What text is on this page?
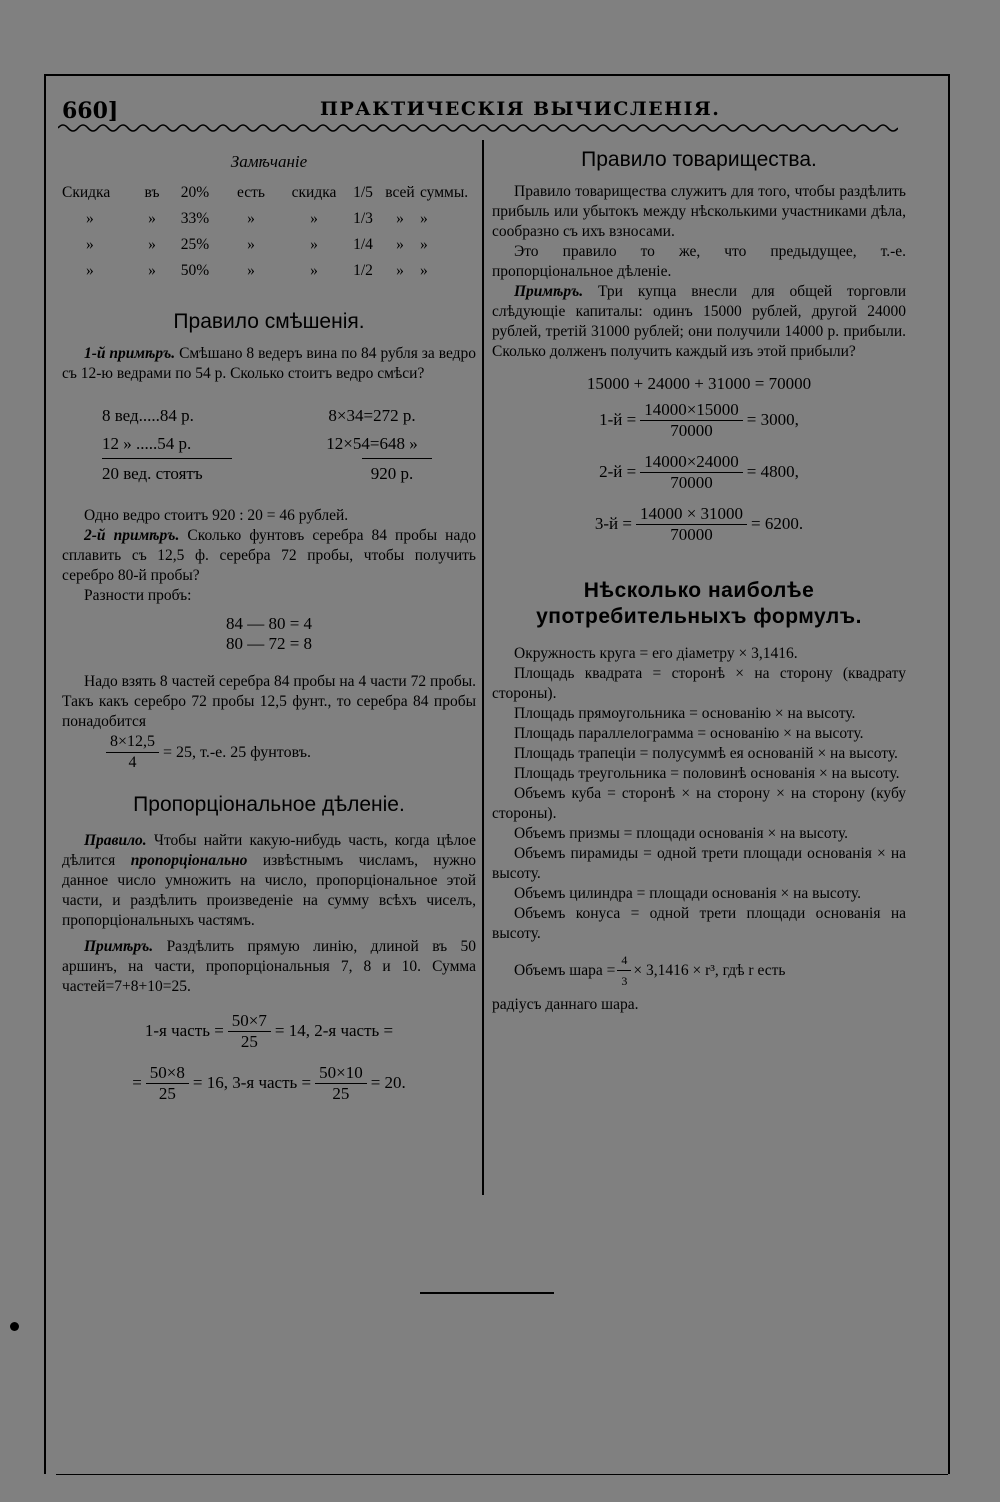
660]	ПРАКТИЧЕСКІЯ ВЫЧИСЛЕНІЯ.

Замѣчаніе

Скидка	въ	20%	есть	скидка	1/5 всей суммы.
»	»	33%	»	»	1/3	»	»
»	»	25%	»	»	1/4	»	»
»	»	50%	»	»	1/2	»	»

Правило смѣшенія.

1-й примѣръ. Смѣшано 8 ведеръ вина по 84 рубля за ведро съ 12-ю ведрами по 54 р. Сколько стоитъ ведро смѣси?

8 вед.....84 р.	8×34=272 р.
12 » .....54 р.	12×54=648 »
20 вед. стоятъ	920 р.

Одно ведро стоитъ 920 : 20 = 46 рублей.

2-й примѣръ. Сколько фунтовъ серебра 84 пробы надо сплавить съ 12,5 ф. серебра 72 пробы, чтобы получить серебро 80-й пробы?

Разности пробъ:

84 — 80 = 4

80 — 72 = 8

Надо взять 8 частей серебра 84 пробы на 4 части 72 пробы. Такъ какъ серебро 72 пробы 12,5 фунт., то серебра 84 пробы понадобится

$\frac{8\times 12,5}{4} = 25$, т.-е. 25 фунтовъ.

Пропорціональное дѣленіе.

Правило. Чтобы найти какую-нибудь часть, когда цѣлое дѣлится пропорціонально извѣстнымъ числамъ, нужно данное число умножить на число, пропорціональное этой части, и раздѣлить произведеніе на сумму всѣхъ чиселъ, пропорціональныхъ частямъ.

Примѣръ. Раздѣлить прямую линію, длиной въ 50 аршинъ, на части, пропорціональныя 7, 8 и 10. Сумма частей=7+8+10=25.

1-я часть = $\frac{50\times 7}{25} = 14$, 2-я часть =
= $\frac{50\times 8}{25} = 16$, 3-я часть = $\frac{50\times 10}{25} = 20$.

Правило товарищества.

Правило товарищества служитъ для того, чтобы раздѣлить прибыль или убытокъ между нѣсколькими участниками дѣла, сообразно съ ихъ взносами.

Это правило то же, что предыдущее, т.-е. пропорціональное дѣленіе.

Примѣръ. Три купца внесли для общей торговли слѣдующіе капиталы: одинъ 15000 рублей, другой 24000 рублей, третій 31000 рублей; они получили 14000 р. прибыли. Сколько долженъ получить каждый изъ этой прибыли?

15000 + 24000 + 31000 = 70000

$1-й = \frac{14000\times 15000}{70000} = 3000$,
$2-й = \frac{14000\times 24000}{70000} = 4800$,
$3-й = \frac{14000 \times 31000}{70000} = 6200$.

Нѣсколько наиболѣе употребительныхъ формулъ.

Окружность круга = его діаметру × 3,1416.

Площадь квадрата = сторонѣ × на сторону (квадрату стороны).

Площадь прямоугольника = основанію × на высоту.

Площадь параллелограмма = основанію × на высоту.

Площадь трапеціи = полусуммѣ ея основаній × на высоту.

Площадь треугольника = половинѣ основанія × на высоту.

Объемъ куба = сторонѣ × на сторону × на сторону (кубу стороны).

Объемъ призмы = площади основанія × на высоту.

Объемъ пирамиды = одной трети площади основанія × на высоту.

Объемъ цилиндра = площади основанія × на высоту.

Объемъ конуса = одной трети площади основанія на высоту.

Объемъ шара = $\frac{4}{3} \times 3,1416 \times r^3$, гдѣ r есть

радіусъ даннаго шара.
